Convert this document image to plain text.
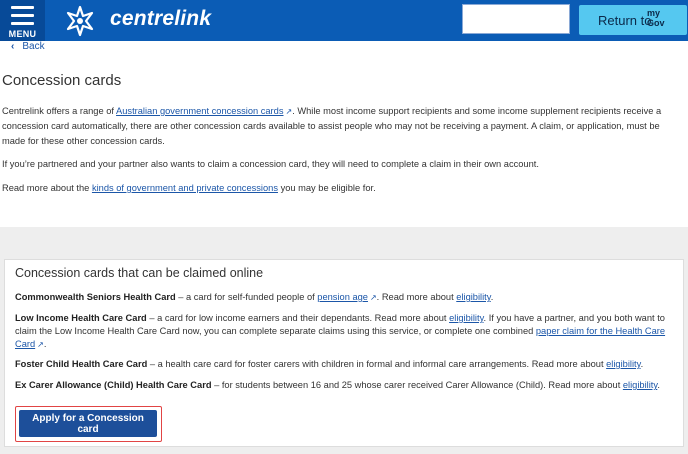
MENU
centrelink	Return to
my
Gov
‹ Back
Concession cards
Centrelink offers a range of Australian government concession cards ↗. While most income support recipients and some income supplement recipients receive a concession card automatically, there are other concession cards available to assist people who may not be receiving a payment. A claim, or application, must be made for these other concession cards.
If you’re partnered and your partner also wants to claim a concession card, they will need to complete a claim in their own account.
Read more about the kinds of government and private concessions you may be eligible for.
Concession cards that can be claimed online
Commonwealth Seniors Health Card – a card for self-funded people of pension age ↗. Read more about eligibility.
Low Income Health Care Card – a card for low income earners and their dependants. Read more about eligibility. If you have a partner, and you both want to claim the Low Income Health Care Card now, you can complete separate claims using this service, or complete one combined paper claim for the Health Care Card ↗.
Foster Child Health Care Card – a health care card for foster carers with children in formal and informal care arrangements. Read more about eligibility.
Ex Carer Allowance (Child) Health Care Card – for students between 16 and 25 whose carer received Carer Allowance (Child). Read more about eligibility.
Apply for a Concession card
